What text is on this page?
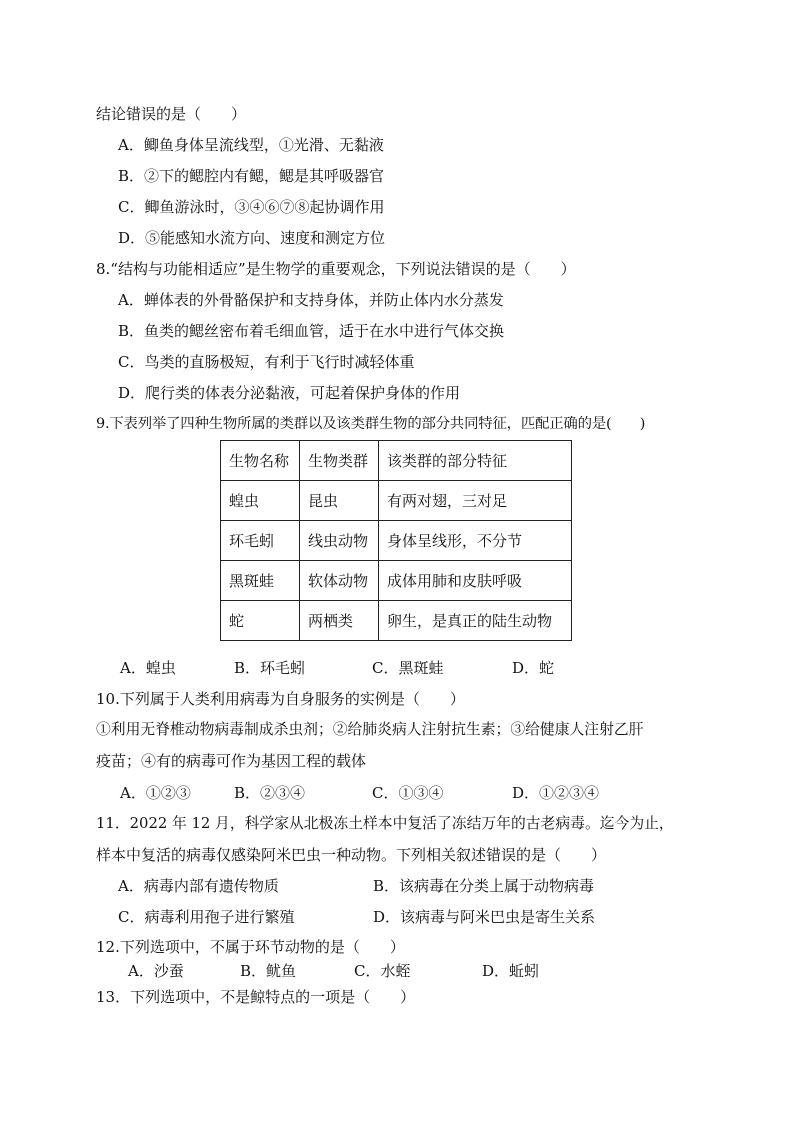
结论错误的是（　　）
A．鲫鱼身体呈流线型，①光滑、无黏液
B．②下的鳃腔内有鳃，鳃是其呼吸器官
C．鲫鱼游泳时，③④⑥⑦⑧起协调作用
D．⑤能感知水流方向、速度和测定方位
8.“结构与功能相适应”是生物学的重要观念，下列说法错误的是（　　）
A．蝉体表的外骨骼保护和支持身体，并防止体内水分蒸发
B．鱼类的鳃丝密布着毛细血管，适于在水中进行气体交换
C．鸟类的直肠极短，有利于飞行时减轻体重
D．爬行类的体表分泌黏液，可起着保护身体的作用
9.下表列举了四种生物所属的类群以及该类群生物的部分共同特征，匹配正确的是(　　)
生物名称	生物类群	该类群的部分特征
蝗虫	昆虫	有两对翅，三对足
环毛蚓	线虫动物	身体呈线形，不分节
黑斑蛙	软体动物	成体用肺和皮肤呼吸
蛇	两栖类	卵生，是真正的陆生动物
A．蝗虫	B．环毛蚓	C．黑斑蛙	D．蛇
10.下列属于人类利用病毒为自身服务的实例是（　　）
①利用无脊椎动物病毒制成杀虫剂；②给肺炎病人注射抗生素；③给健康人注射乙肝
疫苗；④有的病毒可作为基因工程的载体
A．①②③	B．②③④	C．①③④	D．①②③④
11．2022 年 12 月，科学家从北极冻土样本中复活了冻结万年的古老病毒。迄今为止，
样本中复活的病毒仅感染阿米巴虫一种动物。下列相关叙述错误的是（　　）
A．病毒内部有遗传物质	B．该病毒在分类上属于动物病毒
C．病毒利用孢子进行繁殖	D．该病毒与阿米巴虫是寄生关系
12.下列选项中，不属于环节动物的是（　　）
A．沙蚕	B．鱿鱼	C．水蛭	D．蚯蚓
13．下列选项中，不是鲸特点的一项是（　　）
